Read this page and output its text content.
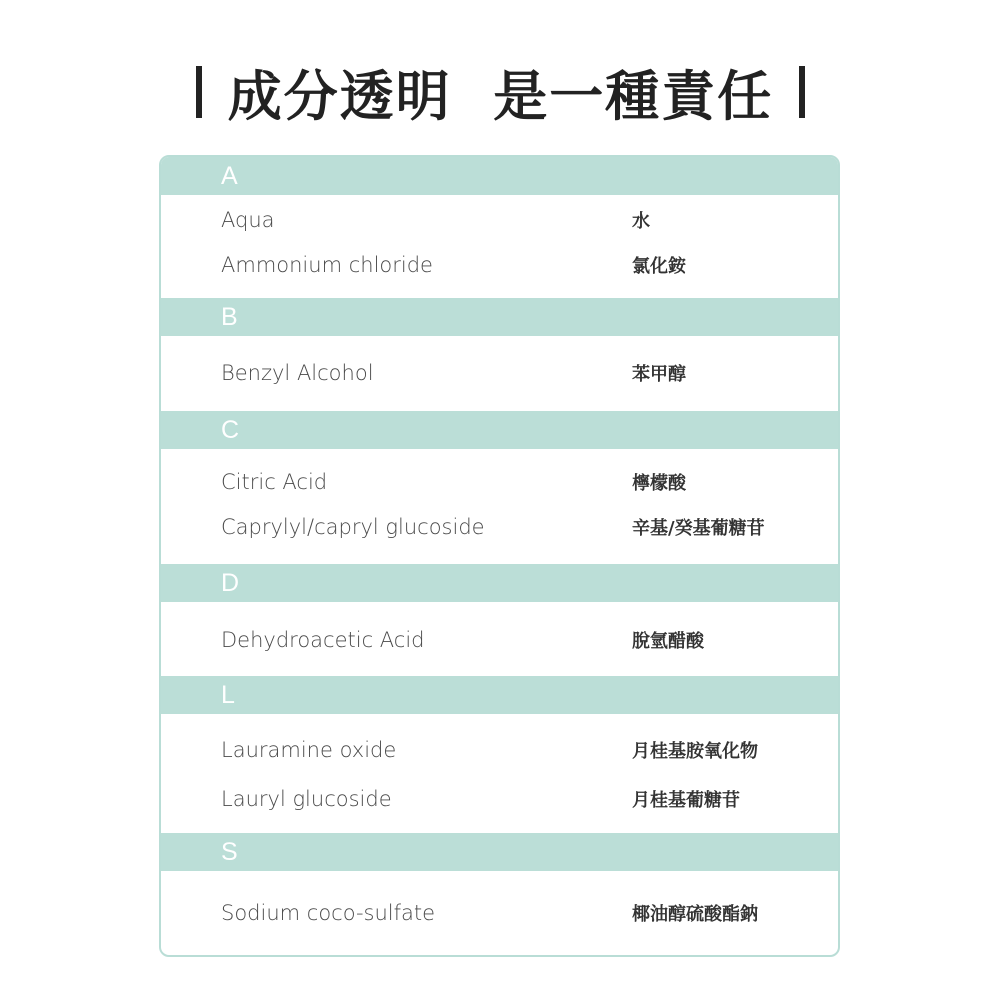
成分透明  是一種責任
A
Aqua	水
Ammonium chloride	氯化銨
B
Benzyl Alcohol	苯甲醇
C
Citric Acid	檸檬酸
Caprylyl/capryl glucoside	辛基/癸基葡糖苷
D
Dehydroacetic Acid	脫氫醋酸
L
Lauramine oxide	月桂基胺氧化物
Lauryl glucoside	月桂基葡糖苷
S
Sodium coco-sulfate	椰油醇硫酸酯鈉
